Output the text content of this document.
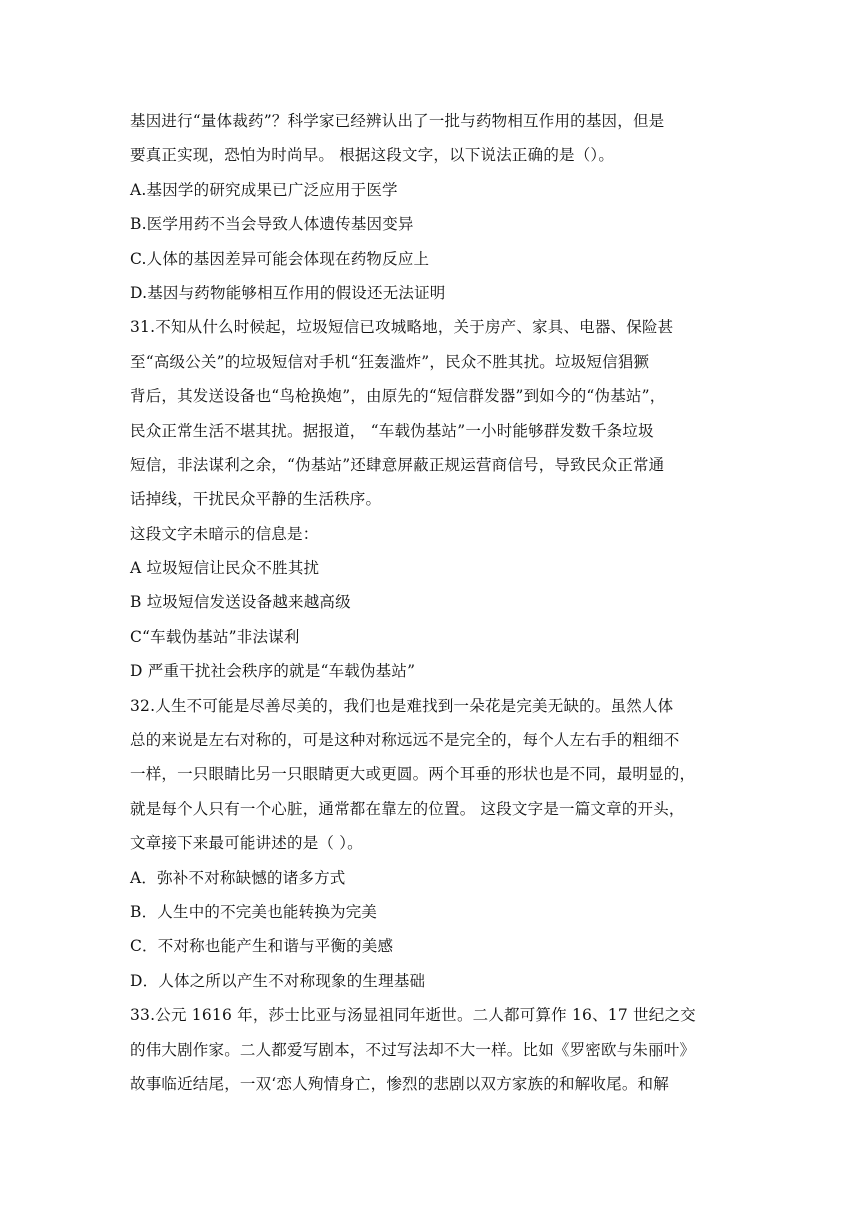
基因进行“量体裁药”？科学家已经辨认出了一批与药物相互作用的基因，但是
要真正实现，恐怕为时尚早。 根据这段文字，以下说法正确的是（）。
A.基因学的研究成果已广泛应用于医学
B.医学用药不当会导致人体遗传基因变异
C.人体的基因差异可能会体现在药物反应上
D.基因与药物能够相互作用的假设还无法证明
31.不知从什么时候起，垃圾短信已攻城略地，关于房产、家具、电器、保险甚
至“高级公关”的垃圾短信对手机“狂轰滥炸”，民众不胜其扰。垃圾短信猖獗
背后，其发送设备也“鸟枪换炮”，由原先的“短信群发器”到如今的“伪基站”，
民众正常生活不堪其扰。据报道， “车载伪基站”一小时能够群发数千条垃圾
短信，非法谋利之余，“伪基站”还肆意屏蔽正规运营商信号，导致民众正常通
话掉线，干扰民众平静的生活秩序。
这段文字未暗示的信息是：
A 垃圾短信让民众不胜其扰
B 垃圾短信发送设备越来越高级
C“车载伪基站”非法谋利
D 严重干扰社会秩序的就是“车载伪基站”
32.人生不可能是尽善尽美的，我们也是难找到一朵花是完美无缺的。虽然人体
总的来说是左右对称的，可是这种对称远远不是完全的，每个人左右手的粗细不
一样，一只眼睛比另一只眼睛更大或更圆。两个耳垂的形状也是不同，最明显的，
就是每个人只有一个心脏，通常都在靠左的位置。 这段文字是一篇文章的开头，
文章接下来最可能讲述的是（ ）。
A．弥补不对称缺憾的诸多方式
B．人生中的不完美也能转换为完美
C．不对称也能产生和谐与平衡的美感
D．人体之所以产生不对称现象的生理基础
33.公元 1616 年，莎士比亚与汤显祖同年逝世。二人都可算作 16、17 世纪之交
的伟大剧作家。二人都爱写剧本，不过写法却不大一样。比如《罗密欧与朱丽叶》
故事临近结尾，一双‘恋人殉情身亡，惨烈的悲剧以双方家族的和解收尾。和解
